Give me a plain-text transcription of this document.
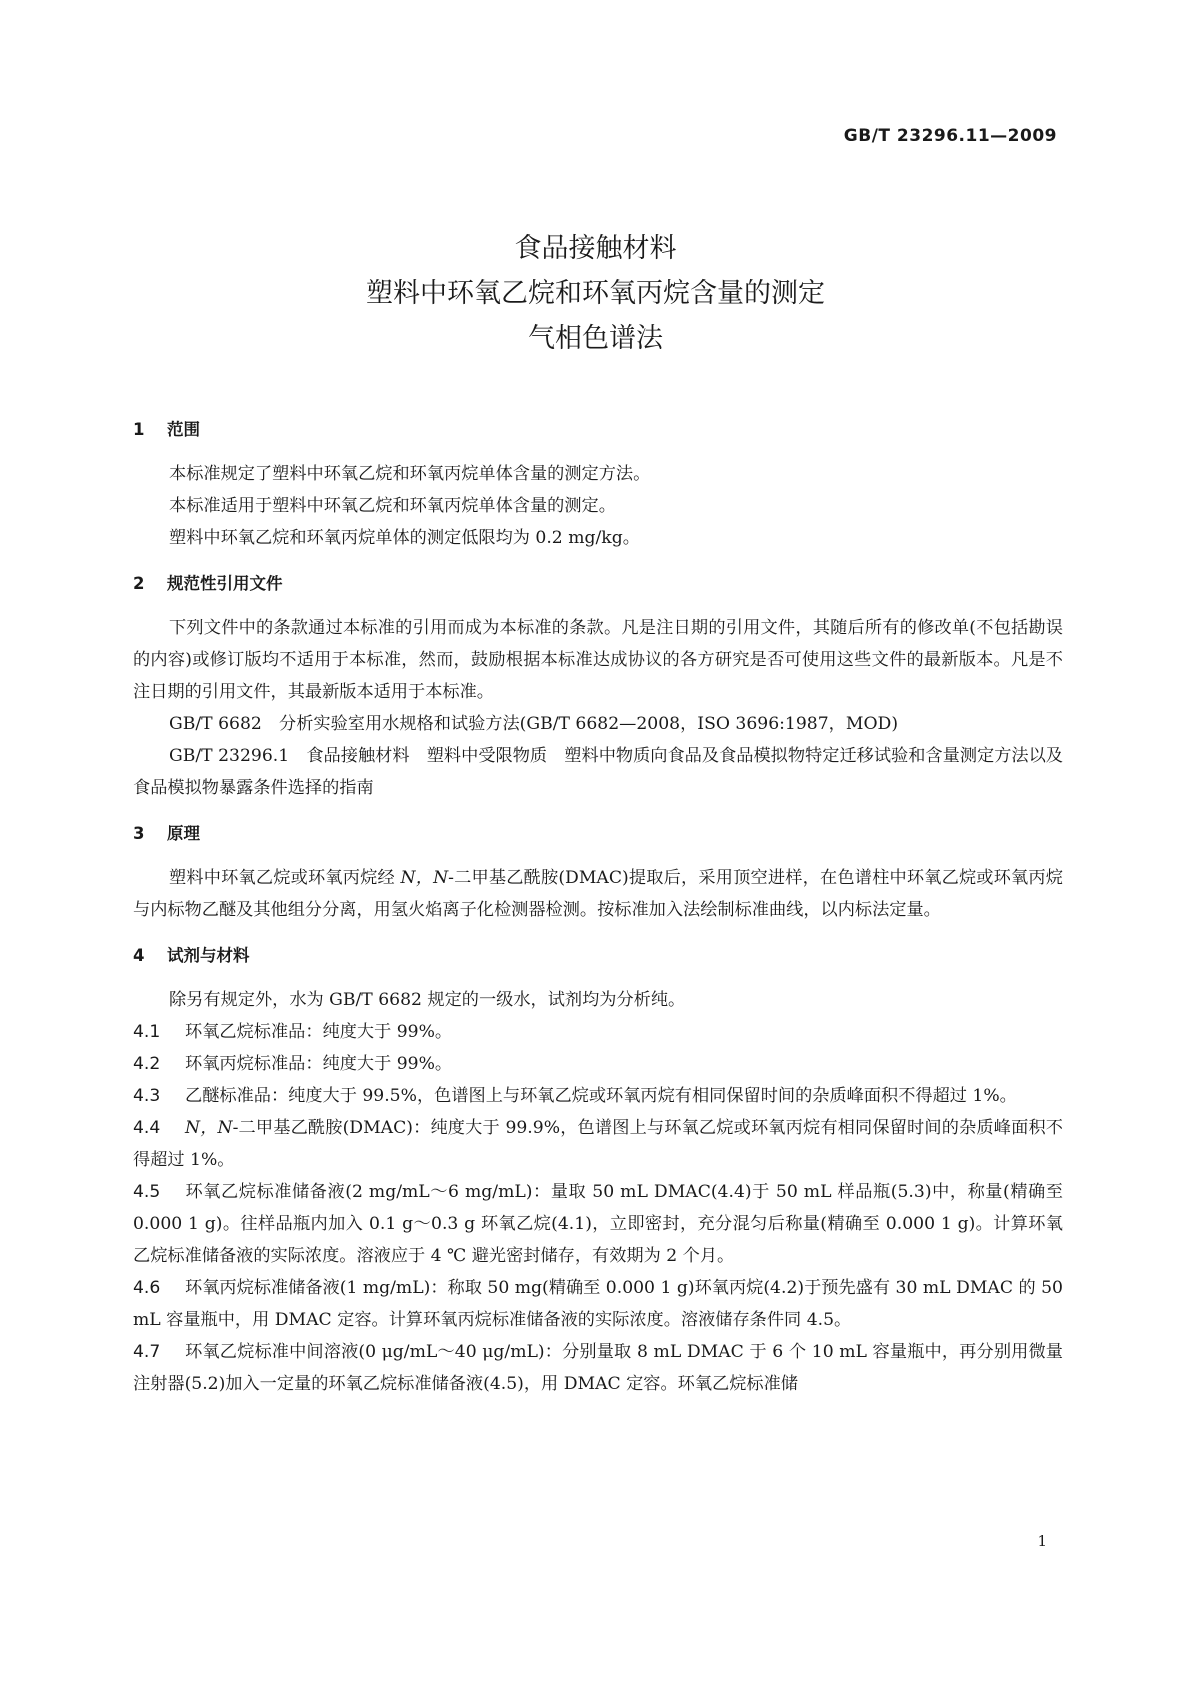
GB/T 23296.11—2009
食品接触材料
塑料中环氧乙烷和环氧丙烷含量的测定
气相色谱法
1 范围

本标准规定了塑料中环氧乙烷和环氧丙烷单体含量的测定方法。

本标准适用于塑料中环氧乙烷和环氧丙烷单体含量的测定。

塑料中环氧乙烷和环氧丙烷单体的测定低限均为 0.2 mg/kg。

2 规范性引用文件

下列文件中的条款通过本标准的引用而成为本标准的条款。凡是注日期的引用文件，其随后所有的修改单(不包括勘误的内容)或修订版均不适用于本标准，然而，鼓励根据本标准达成协议的各方研究是否可使用这些文件的最新版本。凡是不注日期的引用文件，其最新版本适用于本标准。

GB/T 6682　分析实验室用水规格和试验方法(GB/T 6682—2008，ISO 3696:1987，MOD)

GB/T 23296.1　食品接触材料　塑料中受限物质　塑料中物质向食品及食品模拟物特定迁移试验和含量测定方法以及食品模拟物暴露条件选择的指南

3 原理

塑料中环氧乙烷或环氧丙烷经 N，N-二甲基乙酰胺(DMAC)提取后，采用顶空进样，在色谱柱中环氧乙烷或环氧丙烷与内标物乙醚及其他组分分离，用氢火焰离子化检测器检测。按标准加入法绘制标准曲线，以内标法定量。

4 试剂与材料

除另有规定外，水为 GB/T 6682 规定的一级水，试剂均为分析纯。

4.1 环氧乙烷标准品：纯度大于 99%。

4.2 环氧丙烷标准品：纯度大于 99%。

4.3 乙醚标准品：纯度大于 99.5%，色谱图上与环氧乙烷或环氧丙烷有相同保留时间的杂质峰面积不得超过 1%。

4.4 N，N-二甲基乙酰胺(DMAC)：纯度大于 99.9%，色谱图上与环氧乙烷或环氧丙烷有相同保留时间的杂质峰面积不得超过 1%。

4.5 环氧乙烷标准储备液(2 mg/mL～6 mg/mL)：量取 50 mL DMAC(4.4)于 50 mL 样品瓶(5.3)中，称量(精确至 0.000 1 g)。往样品瓶内加入 0.1 g～0.3 g 环氧乙烷(4.1)，立即密封，充分混匀后称量(精确至 0.000 1 g)。计算环氧乙烷标准储备液的实际浓度。溶液应于 4 ℃ 避光密封储存，有效期为 2 个月。

4.6 环氧丙烷标准储备液(1 mg/mL)：称取 50 mg(精确至 0.000 1 g)环氧丙烷(4.2)于预先盛有 30 mL DMAC 的 50 mL 容量瓶中，用 DMAC 定容。计算环氧丙烷标准储备液的实际浓度。溶液储存条件同 4.5。

4.7 环氧乙烷标准中间溶液(0 μg/mL～40 μg/mL)：分别量取 8 mL DMAC 于 6 个 10 mL 容量瓶中，再分别用微量注射器(5.2)加入一定量的环氧乙烷标准储备液(4.5)，用 DMAC 定容。环氧乙烷标准储

1
